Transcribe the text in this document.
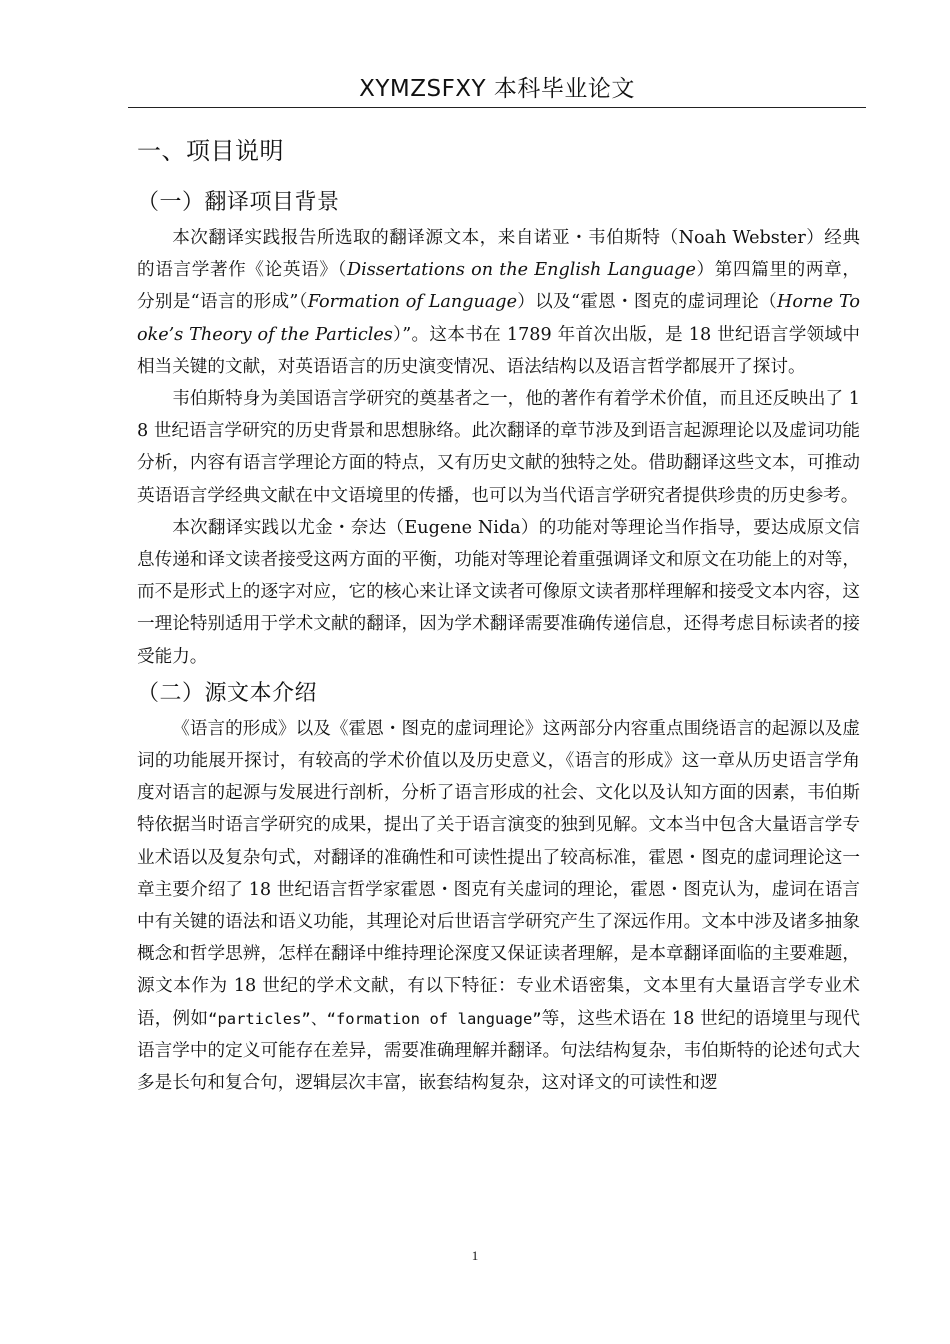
XYMZSFXY 本科毕业论文
一、项目说明
（一）翻译项目背景

本次翻译实践报告所选取的翻译源文本，来自诺亚・韦伯斯特（Noah Webster）经典的语言学著作《论英语》（Dissertations on the English Language）第四篇里的两章，分别是“语言的形成”（Formation of Language）以及“霍恩・图克的虚词理论（Horne Tooke’s Theory of the Particles）”。这本书在 1789 年首次出版，是 18 世纪语言学领域中相当关键的文献，对英语语言的历史演变情况、语法结构以及语言哲学都展开了探讨。

韦伯斯特身为美国语言学研究的奠基者之一，他的著作有着学术价值，而且还反映出了 18 世纪语言学研究的历史背景和思想脉络。此次翻译的章节涉及到语言起源理论以及虚词功能分析，内容有语言学理论方面的特点，又有历史文献的独特之处。借助翻译这些文本，可推动英语语言学经典文献在中文语境里的传播，也可以为当代语言学研究者提供珍贵的历史参考。

本次翻译实践以尤金・奈达（Eugene Nida）的功能对等理论当作指导，要达成原文信息传递和译文读者接受这两方面的平衡，功能对等理论着重强调译文和原文在功能上的对等，而不是形式上的逐字对应，它的核心来让译文读者可像原文读者那样理解和接受文本内容，这一理论特别适用于学术文献的翻译，因为学术翻译需要准确传递信息，还得考虑目标读者的接受能力。

（二）源文本介绍

《语言的形成》以及《霍恩・图克的虚词理论》这两部分内容重点围绕语言的起源以及虚词的功能展开探讨，有较高的学术价值以及历史意义，《语言的形成》这一章从历史语言学角度对语言的起源与发展进行剖析，分析了语言形成的社会、文化以及认知方面的因素，韦伯斯特依据当时语言学研究的成果，提出了关于语言演变的独到见解。文本当中包含大量语言学专业术语以及复杂句式，对翻译的准确性和可读性提出了较高标准，霍恩・图克的虚词理论这一章主要介绍了 18 世纪语言哲学家霍恩・图克有关虚词的理论，霍恩・图克认为，虚词在语言中有关键的语法和语义功能，其理论对后世语言学研究产生了深远作用。文本中涉及诸多抽象概念和哲学思辨，怎样在翻译中维持理论深度又保证读者理解，是本章翻译面临的主要难题，源文本作为 18 世纪的学术文献，有以下特征：专业术语密集，文本里有大量语言学专业术语，例如“particles”、“formation of language”等，这些术语在 18 世纪的语境里与现代语言学中的定义可能存在差异，需要准确理解并翻译。句法结构复杂，韦伯斯特的论述句式大多是长句和复合句，逻辑层次丰富，嵌套结构复杂，这对译文的可读性和逻

1
